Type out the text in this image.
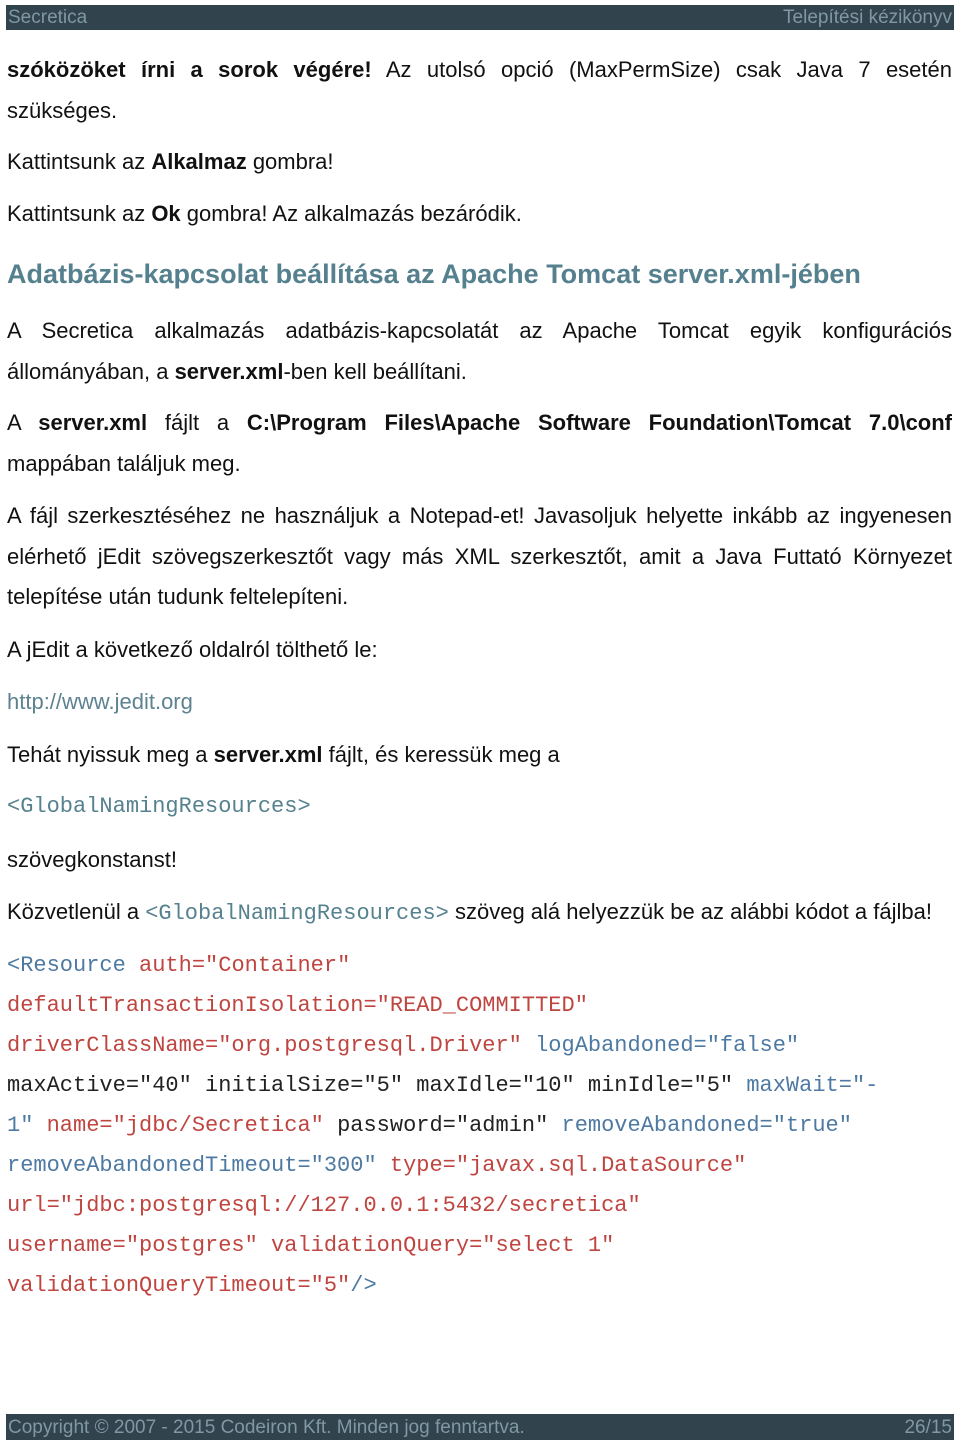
Secretica	Telepítési kézikönyv

szóközöket írni a sorok végére! Az utolsó opció (MaxPermSize) csak Java 7 esetén szükséges.

Kattintsunk az Alkalmaz gombra!

Kattintsunk az Ok gombra! Az alkalmazás bezáródik.

Adatbázis-kapcsolat beállítása az Apache Tomcat server.xml-jében

A Secretica alkalmazás adatbázis-kapcsolatát az Apache Tomcat egyik konfigurációs állományában, a server.xml-ben kell beállítani.

A server.xml fájlt a C:\Program Files\Apache Software Foundation\Tomcat 7.0\conf

mappában találjuk meg.

A fájl szerkesztéséhez ne használjuk a Notepad-et! Javasoljuk helyette inkább az ingyenesen elérhető jEdit szövegszerkesztőt vagy más XML szerkesztőt, amit a Java Futtató Környezet telepítése után tudunk feltelepíteni.

A jEdit a következő oldalról tölthető le:

http://www.jedit.org

Tehát nyissuk meg a server.xml fájlt, és keressük meg a

<GlobalNamingResources>

szövegkonstanst!

Közvetlenül a <GlobalNamingResources> szöveg alá helyezzük be az alábbi kódot a fájlba!

<Resource auth="Container"

defaultTransactionIsolation="READ_COMMITTED"

driverClassName="org.postgresql.Driver" logAbandoned="false"

maxActive="40" initialSize="5" maxIdle="10" minIdle="5" maxWait="-

1" name="jdbc/Secretica" password="admin" removeAbandoned="true"

removeAbandonedTimeout="300" type="javax.sql.DataSource"

url="jdbc:postgresql://127.0.0.1:5432/secretica"

username="postgres" validationQuery="select 1"

validationQueryTimeout="5"/>

Copyright © 2007 - 2015 Codeiron Kft. Minden jog fenntartva.	26/15
